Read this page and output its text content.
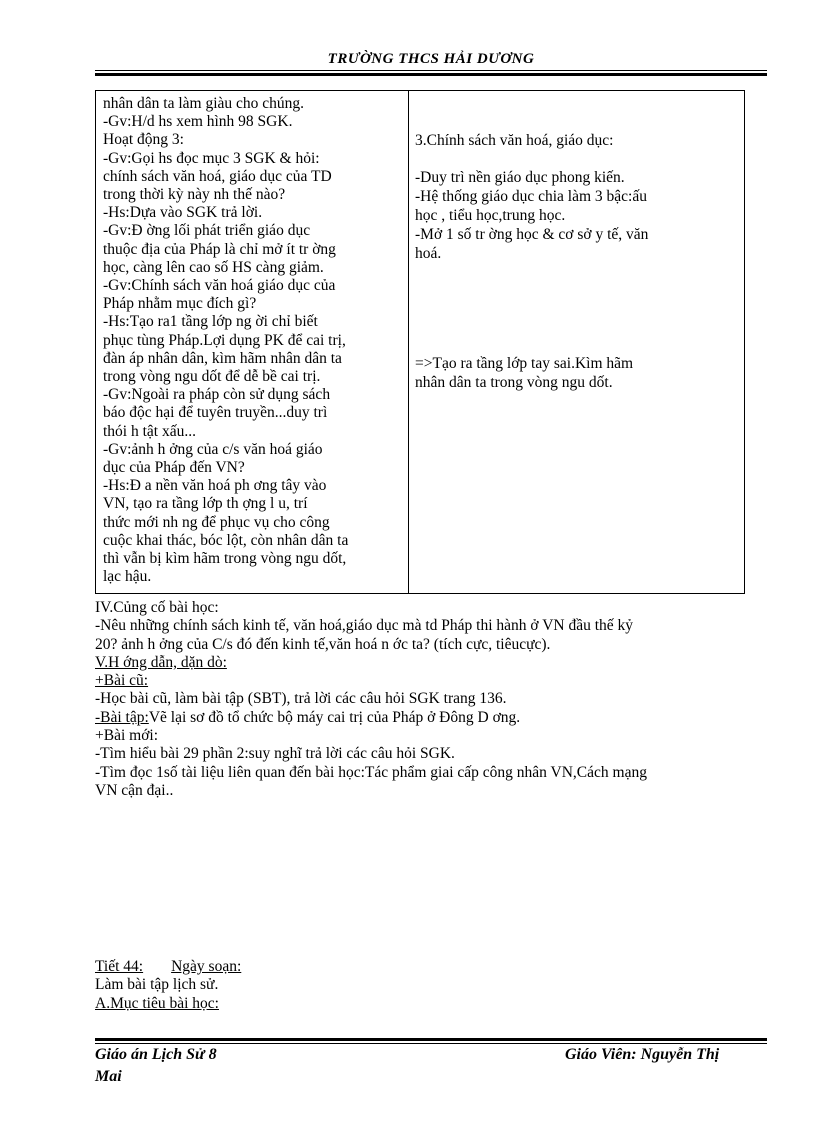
TRƯỜNG THCS HẢI DƯƠNG
nhân dân ta làm giàu cho chúng.
-Gv:H/d hs xem hình 98 SGK.
Hoạt động 3:
-Gv:Gọi hs đọc mục 3 SGK & hỏi:
chính sách văn hoá, giáo dục của TD
trong thời kỳ này nh thế nào?
-Hs:Dựa vào SGK trả lời.
-Gv:Đ ờng lối phát triển giáo dục
thuộc địa của Pháp là chỉ mở ít tr ờng
học, càng lên cao số HS càng giảm.
-Gv:Chính sách văn hoá giáo dục của
Pháp nhằm mục đích gì?
-Hs:Tạo ra1 tầng lớp ng ời chỉ biết
phục tùng Pháp.Lợi dụng PK để cai trị,
đàn áp nhân dân, kìm hãm nhân dân ta
trong vòng ngu dốt để dễ bề cai trị.
-Gv:Ngoài ra pháp còn sử dụng sách
báo độc hại để tuyên truyền...duy trì
thói h tật xấu...
-Gv:ảnh h ởng của c/s văn hoá giáo
dục của Pháp đến VN?
-Hs:Đ a nền văn hoá ph ơng tây vào
VN, tạo ra tầng lớp th ợng l u, trí
thức mới nh ng để phục vụ cho công
cuộc khai thác, bóc lột, còn nhân dân ta
thì vẫn bị kìm hãm trong vòng ngu dốt,
lạc hậu.
3.Chính sách văn hoá, giáo dục:
-Duy trì nền giáo dục phong kiến.
-Hệ thống giáo dục chia làm 3 bậc:ấu
học , tiểu học,trung học.
-Mở 1 số tr ờng học & cơ sở y tế, văn
hoá.
=>Tạo ra tầng lớp tay sai.Kìm hãm
nhân dân ta trong vòng ngu dốt.
IV.Củng cố bài học:
-Nêu những chính sách kinh tế, văn hoá,giáo dục mà td Pháp thi hành ở VN đầu thế kỷ
20? ảnh h ởng của C/s đó đến kinh tế,văn hoá n ớc ta? (tích cực, tiêucực).
V.H ớng dẫn, dặn dò:
+Bài cũ:
-Học bài cũ, làm bài tập (SBT), trả lời các câu hỏi SGK trang 136.
-Bài tập:Vẽ lại sơ đồ tổ chức bộ máy cai trị của Pháp ở Đông D ơng.
+Bài mới:
-Tìm hiểu bài 29 phần 2:suy nghĩ trả lời các câu hỏi SGK.
-Tìm đọc 1số tài liệu liên quan đến bài học:Tác phẩm giai cấp công nhân VN,Cách mạng
VN cận đại..
Tiết 44: Ngày soạn:
Làm bài tập lịch sử.
A.Mục tiêu bài học:
Giáo án Lịch Sử 8	Giáo Viên: Nguyễn Thị
Mai
